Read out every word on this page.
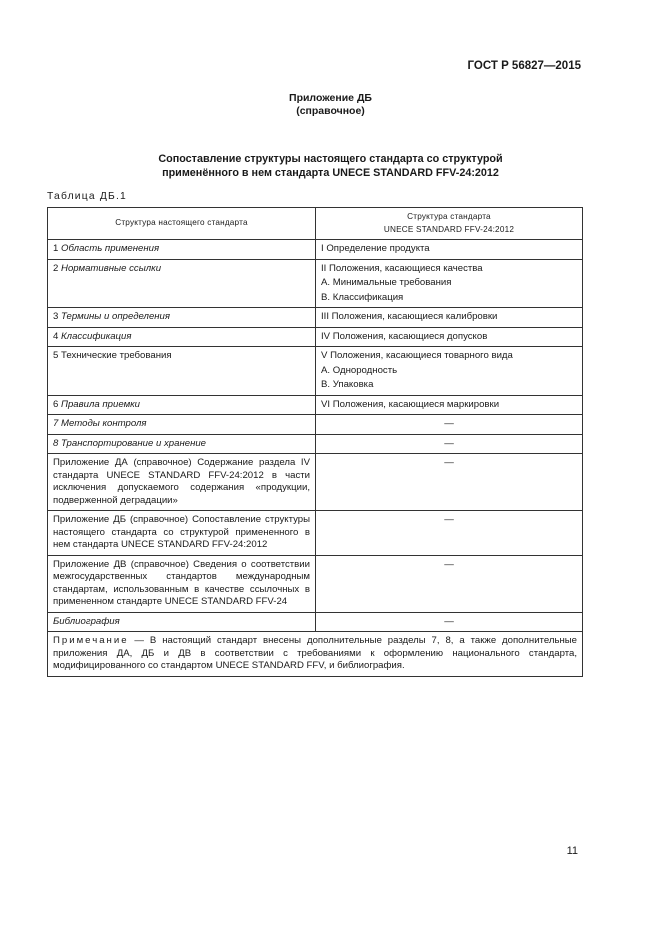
ГОСТ Р 56827—2015
Приложение ДБ
(справочное)
Сопоставление структуры настоящего стандарта со структурой
применённого в нем стандарта UNECE STANDARD FFV-24:2012
Таблица ДБ.1
Структура настоящего стандарта	Структура стандарта
UNECE STANDARD FFV-24:2012

1 Область применения	I Определение продукта
2 Нормативные ссылки	II Положения, касающиеся качества
А. Минимальные требования
В. Классификация

3 Термины и определения	III Положения, касающиеся калибровки
4 Классификация	IV Положения, касающиеся допусков
5 Технические требования	V Положения, касающиеся товарного вида
А. Однородность
В. Упаковка

6 Правила приемки	VI Положения, касающиеся маркировки
7 Методы контроля	—
8 Транспортирование и хранение	—
Приложение ДА (справочное) Содержание раздела IV стандарта UNECE STANDARD FFV-24:2012 в части исключения допускаемого содержания «продукции, подверженной деградации»	—
Приложение ДБ (справочное) Сопоставление структуры настоящего стандарта со структурой примененного в нем стандарта UNECE STANDARD FFV-24:2012	—
Приложение ДВ (справочное) Сведения о соответствии межгосударственных стандартов международным стандартам, использованным в качестве ссылочных в примененном стандарте UNECE STANDARD FFV-24	—
Библиография	—
Примечание — В настоящий стандарт внесены дополнительные разделы 7, 8, а также дополнительные приложения ДА, ДБ и ДВ в соответствии с требованиями к оформлению национального стандарта, модифицированного со стандартом UNECE STANDARD FFV, и библиография.	
11
